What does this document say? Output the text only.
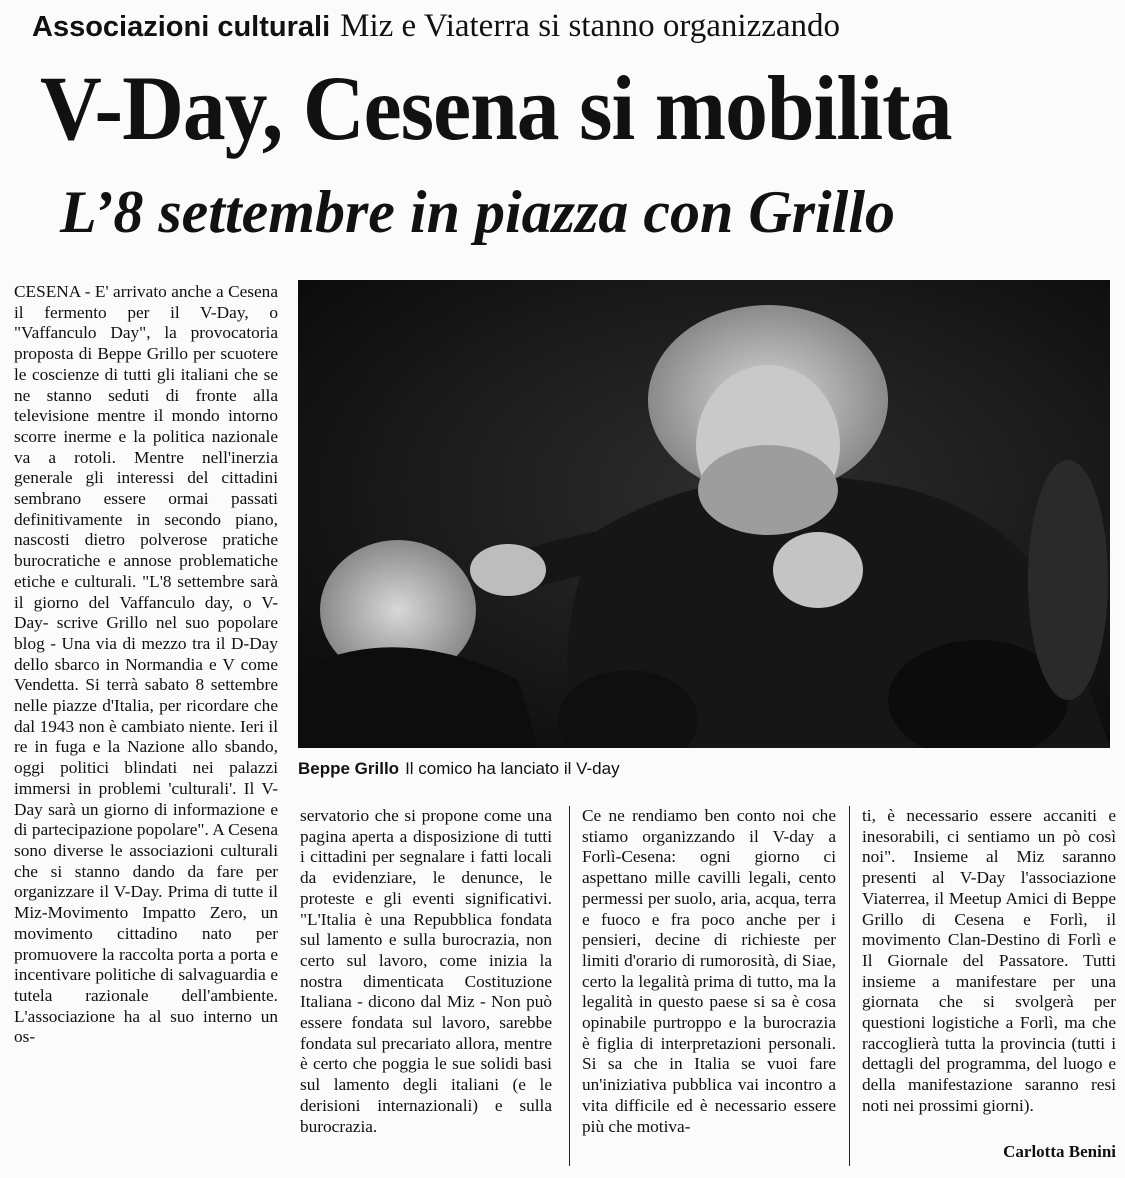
Associazioni culturali Miz e Viaterra si stanno organizzando
V-Day, Cesena si mobilita
L’8 settembre in piazza con Grillo

CESENA - E' arrivato anche a Cesena il fermento per il V-Day, o "Vaffanculo Day", la provocatoria proposta di Beppe Grillo per scuotere le coscienze di tutti gli italiani che se ne stanno seduti di fronte alla televisione mentre il mondo intorno scorre inerme e la politica nazionale va a rotoli. Mentre nell'inerzia generale gli interessi del cittadini sembrano essere ormai passati definitivamente in secondo piano, nascosti dietro polverose pratiche burocratiche e annose problematiche etiche e culturali. "L'8 settembre sarà il giorno del Vaffanculo day, o V-Day- scrive Grillo nel suo popolare blog - Una via di mezzo tra il D-Day dello sbarco in Normandia e V come Vendetta. Si terrà sabato 8 settembre nelle piazze d'Italia, per ricordare che dal 1943 non è cambiato niente. Ieri il re in fuga e la Nazione allo sbando, oggi politici blindati nei palazzi immersi in problemi 'culturali'. Il V-Day sarà un giorno di informazione e di partecipazione popolare". A Cesena sono diverse le associazioni culturali che si stanno dando da fare per organizzare il V-Day. Prima di tutte il Miz-Movimento Impatto Zero, un movimento cittadino nato per promuovere la raccolta porta a porta e incentivare politiche di salvaguardia e tutela razionale dell'ambiente. L'associazione ha al suo interno un os-

Beppe Grillo Il comico ha lanciato il V-day

servatorio che si propone come una pagina aperta a disposizione di tutti i cittadini per segnalare i fatti locali da evidenziare, le denunce, le proteste e gli eventi significativi. "L'Italia è una Repubblica fondata sul lamento e sulla burocrazia, non certo sul lavoro, come inizia la nostra dimenticata Costituzione Italiana - dicono dal Miz - Non può essere fondata sul lavoro, sarebbe fondata sul precariato allora, mentre è certo che poggia le sue solidi basi sul lamento degli italiani (e le derisioni internazionali) e sulla burocrazia.

Ce ne rendiamo ben conto noi che stiamo organizzando il V-day a Forlì-Cesena: ogni giorno ci aspettano mille cavilli legali, cento permessi per suolo, aria, acqua, terra e fuoco e fra poco anche per i pensieri, decine di richieste per limiti d'orario di rumorosità, di Siae, certo la legalità prima di tutto, ma la legalità in questo paese si sa è cosa opinabile purtroppo e la burocrazia è figlia di interpretazioni personali. Si sa che in Italia se vuoi fare un'iniziativa pubblica vai incontro a vita difficile ed è necessario essere più che motiva-

ti, è necessario essere accaniti e inesorabili, ci sentiamo un pò così noi". Insieme al Miz saranno presenti al V-Day l'associazione Viaterrea, il Meetup Amici di Beppe Grillo di Cesena e Forlì, il movimento Clan-Destino di Forlì e Il Giornale del Passatore. Tutti insieme a manifestare per una giornata che si svolgerà per questioni logistiche a Forlì, ma che raccoglierà tutta la provincia (tutti i dettagli del programma, del luogo e della manifestazione saranno resi noti nei prossimi giorni).

Carlotta Benini
